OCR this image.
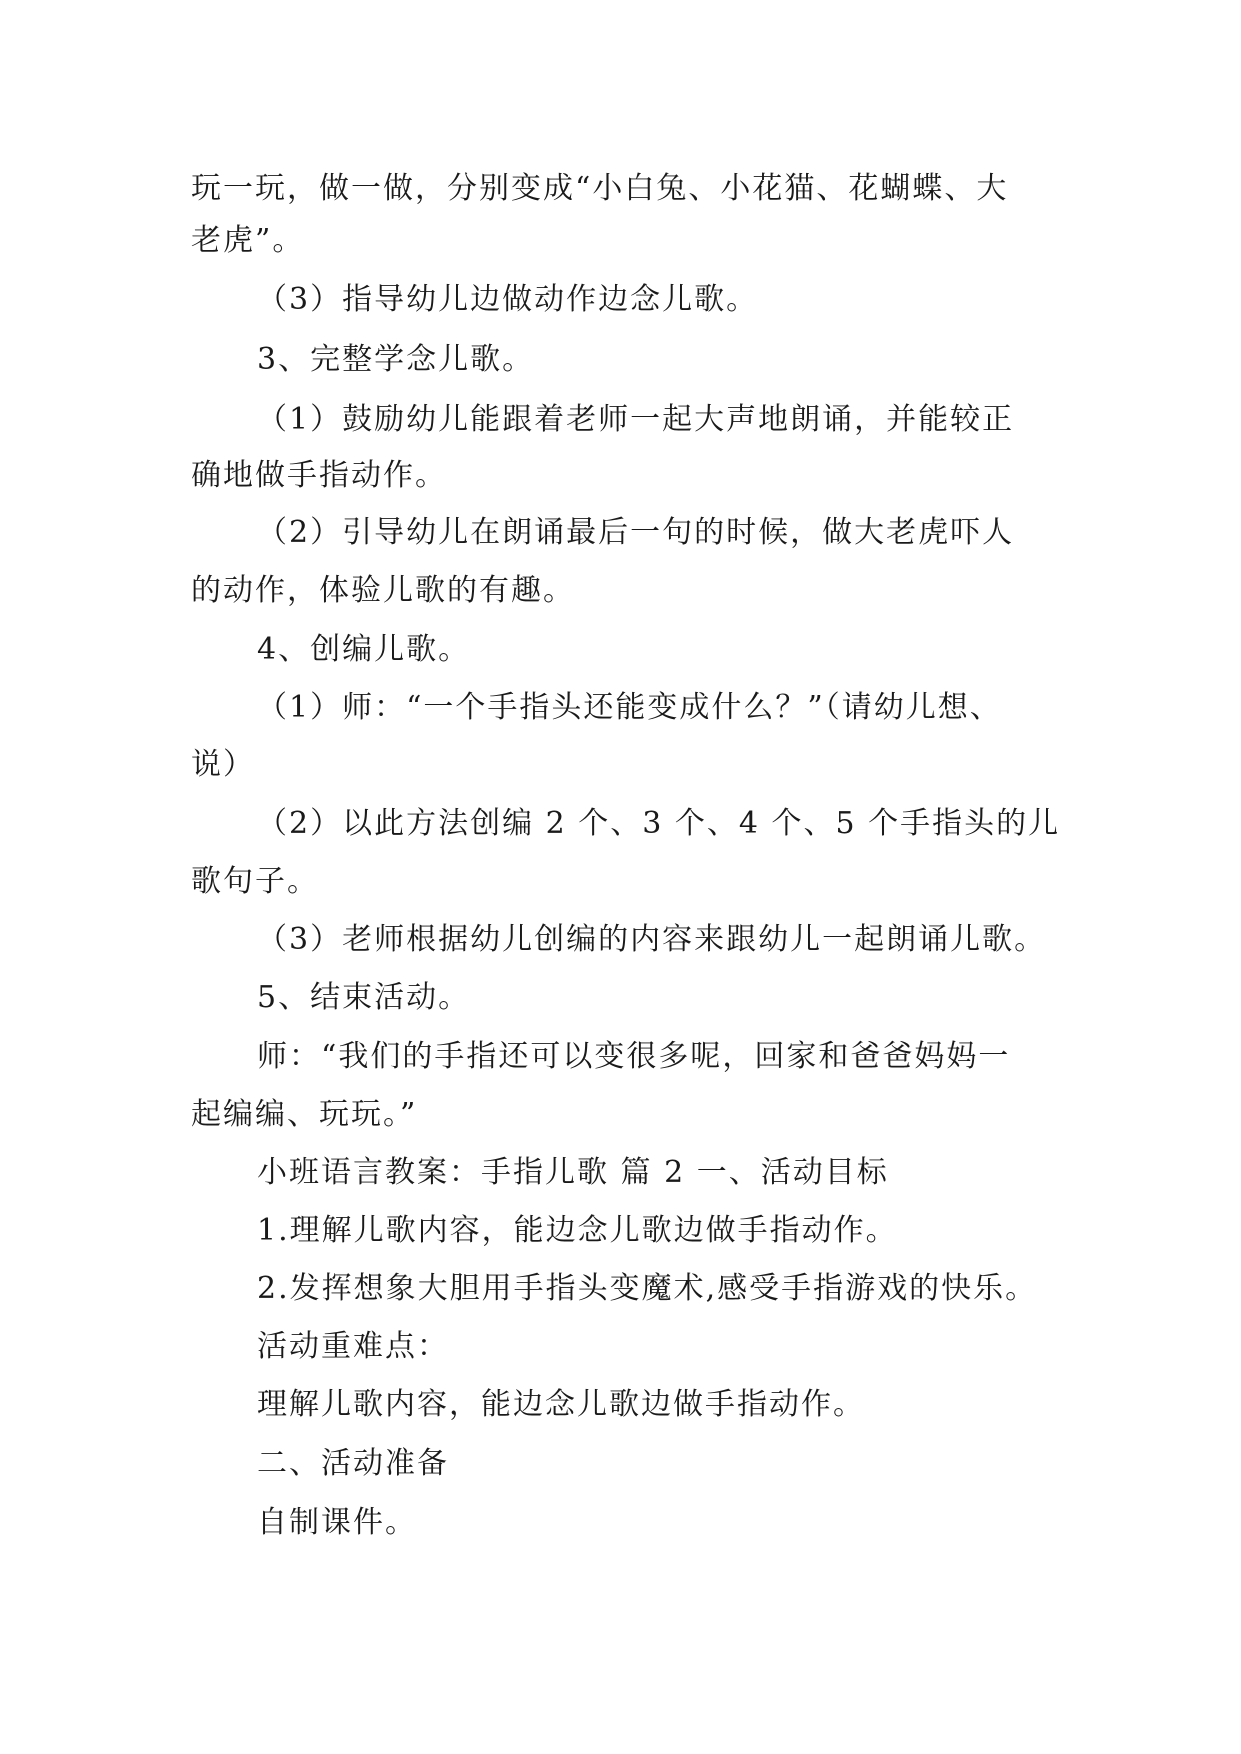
玩一玩，做一做，分别变成“小白兔、小花猫、花蝴蝶、大
老虎”。
（3）指导幼儿边做动作边念儿歌。
3、完整学念儿歌。
（1）鼓励幼儿能跟着老师一起大声地朗诵，并能较正
确地做手指动作。
（2）引导幼儿在朗诵最后一句的时候，做大老虎吓人
的动作，体验儿歌的有趣。
4、创编儿歌。
（1）师：“一个手指头还能变成什么？”（请幼儿想、
说）
（2）以此方法创编 2 个、3 个、4 个、5 个手指头的儿
歌句子。
（3）老师根据幼儿创编的内容来跟幼儿一起朗诵儿歌。
5、结束活动。
师：“我们的手指还可以变很多呢，回家和爸爸妈妈一
起编编、玩玩。”
小班语言教案：手指儿歌 篇 2 一、活动目标
1.理解儿歌内容，能边念儿歌边做手指动作。
2.发挥想象大胆用手指头变魔术,感受手指游戏的快乐。
活动重难点：
理解儿歌内容，能边念儿歌边做手指动作。
二、活动准备
自制课件。
